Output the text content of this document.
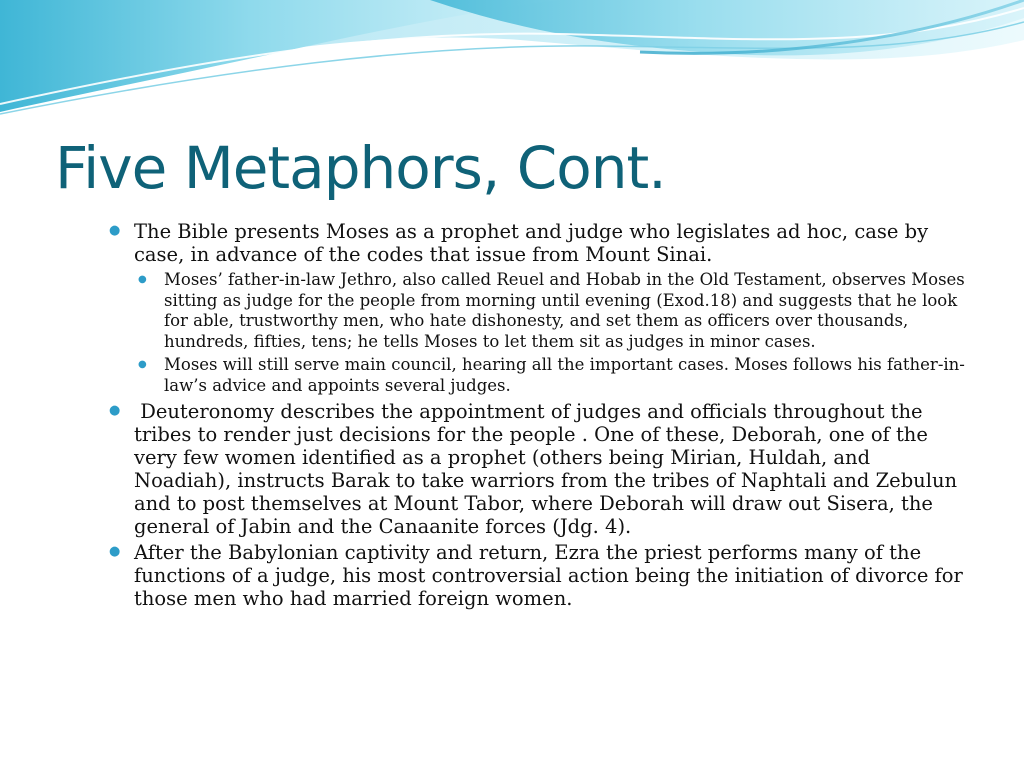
Five Metaphors, Cont.
● The Bible presents Moses as a prophet and judge who legislates ad hoc, case by case, in advance of the codes that issue from Mount Sinai.
● Moses’ father-in-law Jethro, also called Reuel and Hobab in the Old Testament, observes Moses sitting as judge for the people from morning until evening (Exod.18) and suggests that he look for able, trustworthy men, who hate dishonesty, and set them as officers over thousands, hundreds, fifties, tens; he tells Moses to let them sit as judges in minor cases.
● Moses will still serve main council, hearing all the important cases. Moses follows his father-in-law’s advice and appoints several judges.
● Deuteronomy describes the appointment of judges and officials throughout the tribes to render just decisions for the people . One of these, Deborah, one of the very few women identified as a prophet (others being Mirian, Huldah, and Noadiah), instructs Barak to take warriors from the tribes of Naphtali and Zebulun and to post themselves at Mount Tabor, where Deborah will draw out Sisera, the general of Jabin and the Canaanite forces (Jdg. 4).
● After the Babylonian captivity and return, Ezra the priest performs many of the functions of a judge, his most controversial action being the initiation of divorce for those men who had married foreign women.
